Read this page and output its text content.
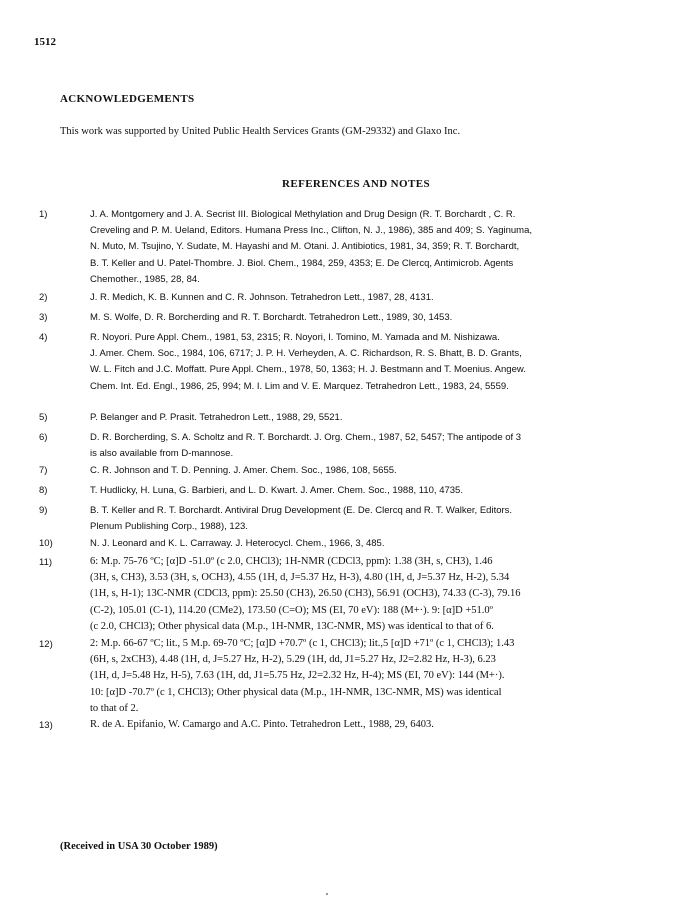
1512
ACKNOWLEDGEMENTS
This work was supported by United Public Health Services Grants (GM-29332) and Glaxo Inc.
REFERENCES AND NOTES
1)	J. A. Montgomery and J. A. Secrist III. Biological Methylation and Drug Design (R. T. Borchardt , C. R.
Creveling and P. M. Ueland, Editors. Humana Press Inc., Clifton, N. J., 1986), 385 and 409; S. Yaginuma,
N. Muto, M. Tsujino, Y. Sudate, M. Hayashi and M. Otani. J. Antibiotics, 1981, 34, 359; R. T. Borchardt,
B. T. Keller and U. Patel-Thombre. J. Biol. Chem., 1984, 259, 4353; E. De Clercq, Antimicrob. Agents
Chemother., 1985, 28, 84.
2)	J. R. Medich, K. B. Kunnen and C. R. Johnson. Tetrahedron Lett., 1987, 28, 4131.
3)	M. S. Wolfe, D. R. Borcherding and R. T. Borchardt. Tetrahedron Lett., 1989, 30, 1453.
4)	R. Noyori. Pure Appl. Chem., 1981, 53, 2315; R. Noyori, I. Tomino, M. Yamada and M. Nishizawa.
J. Amer. Chem. Soc., 1984, 106, 6717; J. P. H. Verheyden, A. C. Richardson, R. S. Bhatt, B. D. Grants,
W. L. Fitch and J.C. Moffatt. Pure Appl. Chem., 1978, 50, 1363; H. J. Bestmann and T. Moenius. Angew.
Chem. Int. Ed. Engl., 1986, 25, 994; M. I. Lim and V. E. Marquez. Tetrahedron Lett., 1983, 24, 5559.
5)	P. Belanger and P. Prasit. Tetrahedron Lett., 1988, 29, 5521.
6)	D. R. Borcherding, S. A. Scholtz and R. T. Borchardt. J. Org. Chem., 1987, 52, 5457; The antipode of 3
is also available from D-mannose.
7)	C. R. Johnson and T. D. Penning. J. Amer. Chem. Soc., 1986, 108, 5655.
8)	T. Hudlicky, H. Luna, G. Barbieri, and L. D. Kwart. J. Amer. Chem. Soc., 1988, 110, 4735.
9)	B. T. Keller and R. T. Borchardt. Antiviral Drug Development (E. De. Clercq and R. T. Walker, Editors.
Plenum Publishing Corp., 1988), 123.
10)	N. J. Leonard and K. L. Carraway. J. Heterocycl. Chem., 1966, 3, 485.
11)	6: M.p. 75-76 ºC; [α]D -51.0º (c 2.0, CHCl3); 1H-NMR (CDCl3, ppm): 1.38 (3H, s, CH3), 1.46
(3H, s, CH3), 3.53 (3H, s, OCH3), 4.55 (1H, d, J=5.37 Hz, H-3), 4.80 (1H, d, J=5.37 Hz, H-2), 5.34
(1H, s, H-1); 13C-NMR (CDCl3, ppm): 25.50 (CH3), 26.50 (CH3), 56.91 (OCH3), 74.33 (C-3), 79.16
(C-2), 105.01 (C-1), 114.20 (CMe2), 173.50 (C=O); MS (EI, 70 eV): 188 (M+·). 9: [α]D +51.0º
(c 2.0, CHCl3); Other physical data (M.p., 1H-NMR, 13C-NMR, MS) was identical to that of 6.
12)	2: M.p. 66-67 ºC; lit., 5 M.p. 69-70 ºC; [α]D +70.7º (c 1, CHCl3); lit.,5 [α]D +71º (c 1, CHCl3); 1.43
(6H, s, 2xCH3), 4.48 (1H, d, J=5.27 Hz, H-2), 5.29 (1H, dd, J1=5.27 Hz, J2=2.82 Hz, H-3), 6.23
(1H, d, J=5.48 Hz, H-5), 7.63 (1H, dd, J1=5.75 Hz, J2=2.32 Hz, H-4); MS (EI, 70 eV): 144 (M+·).
10: [α]D -70.7º (c 1, CHCl3); Other physical data (M.p., 1H-NMR, 13C-NMR, MS) was identical
to that of 2.
13)	R. de A. Epifanio, W. Camargo and A.C. Pinto. Tetrahedron Lett., 1988, 29, 6403.
(Received in USA 30 October 1989)
